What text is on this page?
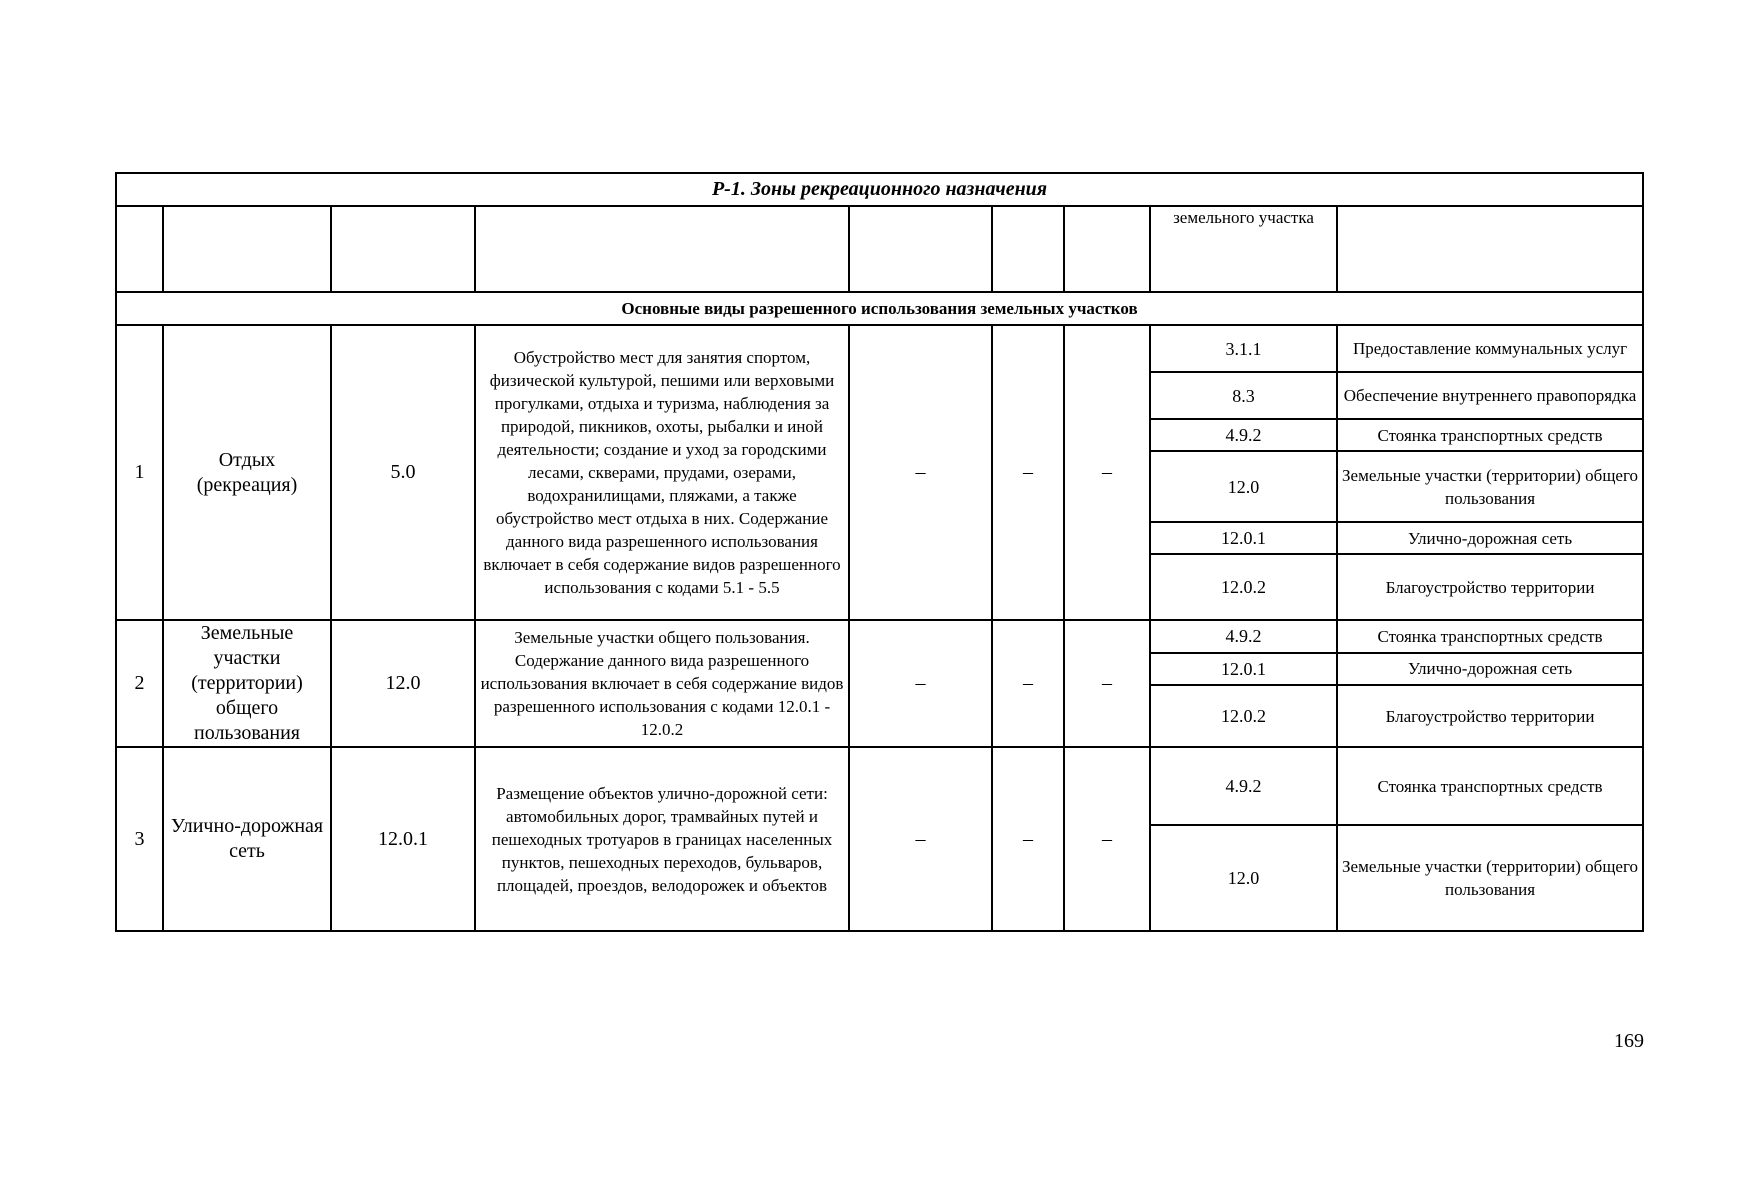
Р-1. Зоны рекреационного назначения								
							земельного участка	
Основные виды разрешенного использования земельных участков								
1	Отдых (рекреация)	5.0	Обустройство мест для занятия спортом, физической культурой, пешими или верховыми прогулками, отдыха и туризма, наблюдения за природой, пикников, охоты, рыбалки и иной деятельности; создание и уход за городскими лесами, скверами, прудами, озерами, водохранилищами, пляжами, а также обустройство мест отдыха в них. Содержание данного вида разрешенного использования включает в себя содержание видов разрешенного использования с кодами 5.1 - 5.5	–	–	–	3.1.1	Предоставление коммунальных услуг
							8.3	Обеспечение внутреннего правопорядка
							4.9.2	Стоянка транспортных средств
							12.0	Земельные участки (территории) общего пользования
							12.0.1	Улично-дорожная сеть
							12.0.2	Благоустройство территории
2	Земельные участки (территории) общего пользования	12.0	Земельные участки общего пользования. Содержание данного вида разрешенного использования включает в себя содержание видов разрешенного использования с кодами 12.0.1 - 12.0.2	–	–	–	4.9.2	Стоянка транспортных средств
							12.0.1	Улично-дорожная сеть
							12.0.2	Благоустройство территории
3	Улично-дорожная сеть	12.0.1	Размещение объектов улично-дорожной сети: автомобильных дорог, трамвайных путей и пешеходных тротуаров в границах населенных пунктов, пешеходных переходов, бульваров, площадей, проездов, велодорожек и объектов	–	–	–	4.9.2	Стоянка транспортных средств
							12.0	Земельные участки (территории) общего пользования
169
